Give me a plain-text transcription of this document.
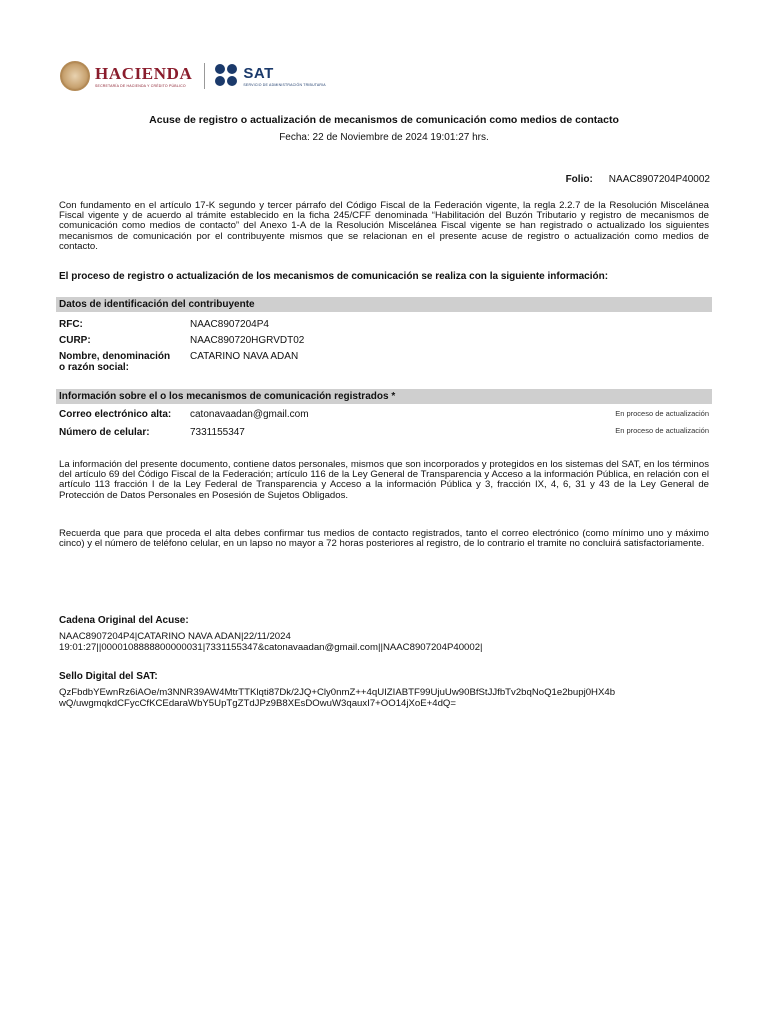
HACIENDA
SECRETARÍA DE HACIENDA Y CRÉDITO PÚBLICO
SAT
SERVICIO DE ADMINISTRACIÓN TRIBUTARIA
Acuse de registro o actualización de mecanismos de comunicación como medios de contacto
Fecha: 22 de Noviembre de 2024 19:01:27 hrs.
Folio: NAAC8907204P40002
Con fundamento en el artículo 17-K segundo y tercer párrafo del Código Fiscal de la Federación vigente, la regla 2.2.7 de la Resolución Miscelánea Fiscal vigente y de acuerdo al trámite establecido en la ficha 245/CFF denominada “Habilitación del Buzón Tributario y registro de mecanismos de comunicación como medios de contacto” del Anexo 1-A de la Resolución Miscelánea Fiscal vigente se han registrado o actualizado los siguientes mecanismos de comunicación por el contribuyente mismos que se relacionan en el presente acuse de registro o actualización como medios de contacto.
El proceso de registro o actualización de los mecanismos de comunicación se realiza con la siguiente información:
Datos de identificación del contribuyente
RFC:	NAAC8907204P4
CURP:	NAAC890720HGRVDT02
Nombre, denominación
o razón social:
CATARINO NAVA ADAN
Información sobre el o los mecanismos de comunicación registrados *
Correo electrónico alta: catonavaadan@gmail.com	En proceso de actualización
Número de celular:	7331155347	En proceso de actualización
La información del presente documento, contiene datos personales, mismos que son incorporados y protegidos en los sistemas del SAT, en los términos del artículo 69 del Código Fiscal de la Federación; artículo 116 de la Ley General de Transparencia y Acceso a la información Pública, en relación con el artículo 113 fracción I de la Ley Federal de Transparencia y Acceso a la información Pública y 3, fracción IX, 4, 6, 31 y 43 de la Ley General de Protección de Datos Personales en Posesión de Sujetos Obligados.
Recuerda que para que proceda el alta debes confirmar tus medios de contacto registrados, tanto el correo electrónico (como mínimo uno y máximo cinco) y el número de teléfono celular, en un lapso no mayor a 72 horas posteriores al registro, de lo contrario el tramite no concluirá satisfactoriamente.
Cadena Original del Acuse:
NAAC8907204P4|CATARINO NAVA ADAN|22/11/2024
19:01:27||0000108888800000031|7331155347&catonavaadan@gmail.com||NAAC8907204P40002|
Sello Digital del SAT:
QzFbdbYEwnRz6iAOe/m3NNR39AW4MtrTTKlqti87Dk/2JQ+Cly0nmZ++4qUIZIABTF99UjuUw90BfStJJfbTv2bqNoQ1e2bupj0HX4b
wQ/uwgmqkdCFycCfKCEdaraWbY5UpTgZTdJPz9B8XEsDOwuW3qauxI7+OO14jXoE+4dQ=
